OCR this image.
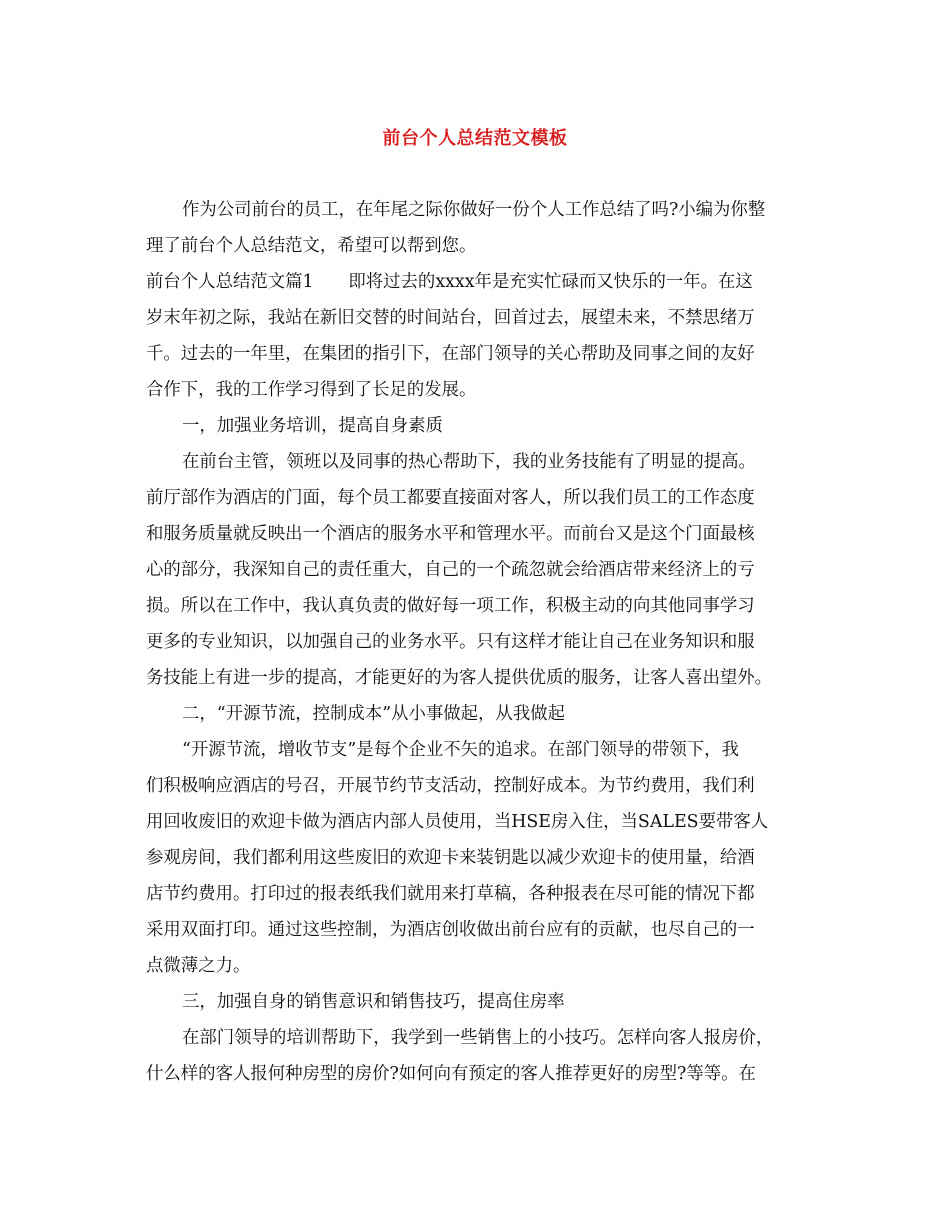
前台个人总结范文模板
作为公司前台的员工，在年尾之际你做好一份个人工作总结了吗?小编为你整
理了前台个人总结范文，希望可以帮到您。
前台个人总结范文篇1　　即将过去的xxxx年是充实忙碌而又快乐的一年。在这
岁末年初之际，我站在新旧交替的时间站台，回首过去，展望未来，不禁思绪万
千。过去的一年里，在集团的指引下，在部门领导的关心帮助及同事之间的友好
合作下，我的工作学习得到了长足的发展。
一，加强业务培训，提高自身素质
在前台主管，领班以及同事的热心帮助下，我的业务技能有了明显的提高。
前厅部作为酒店的门面，每个员工都要直接面对客人，所以我们员工的工作态度
和服务质量就反映出一个酒店的服务水平和管理水平。而前台又是这个门面最核
心的部分，我深知自己的责任重大，自己的一个疏忽就会给酒店带来经济上的亏
损。所以在工作中，我认真负责的做好每一项工作，积极主动的向其他同事学习
更多的专业知识，以加强自己的业务水平。只有这样才能让自己在业务知识和服
务技能上有进一步的提高，才能更好的为客人提供优质的服务，让客人喜出望外。
二，“开源节流，控制成本”从小事做起，从我做起
“开源节流，增收节支”是每个企业不矢的追求。在部门领导的带领下，我
们积极响应酒店的号召，开展节约节支活动，控制好成本。为节约费用，我们利
用回收废旧的欢迎卡做为酒店内部人员使用，当HSE房入住，当SALES要带客人
参观房间，我们都利用这些废旧的欢迎卡来装钥匙以减少欢迎卡的使用量，给酒
店节约费用。打印过的报表纸我们就用来打草稿，各种报表在尽可能的情况下都
采用双面打印。通过这些控制，为酒店创收做出前台应有的贡献，也尽自己的一
点微薄之力。
三，加强自身的销售意识和销售技巧，提高住房率
在部门领导的培训帮助下，我学到一些销售上的小技巧。怎样向客人报房价，
什么样的客人报何种房型的房价?如何向有预定的客人推荐更好的房型?等等。在
